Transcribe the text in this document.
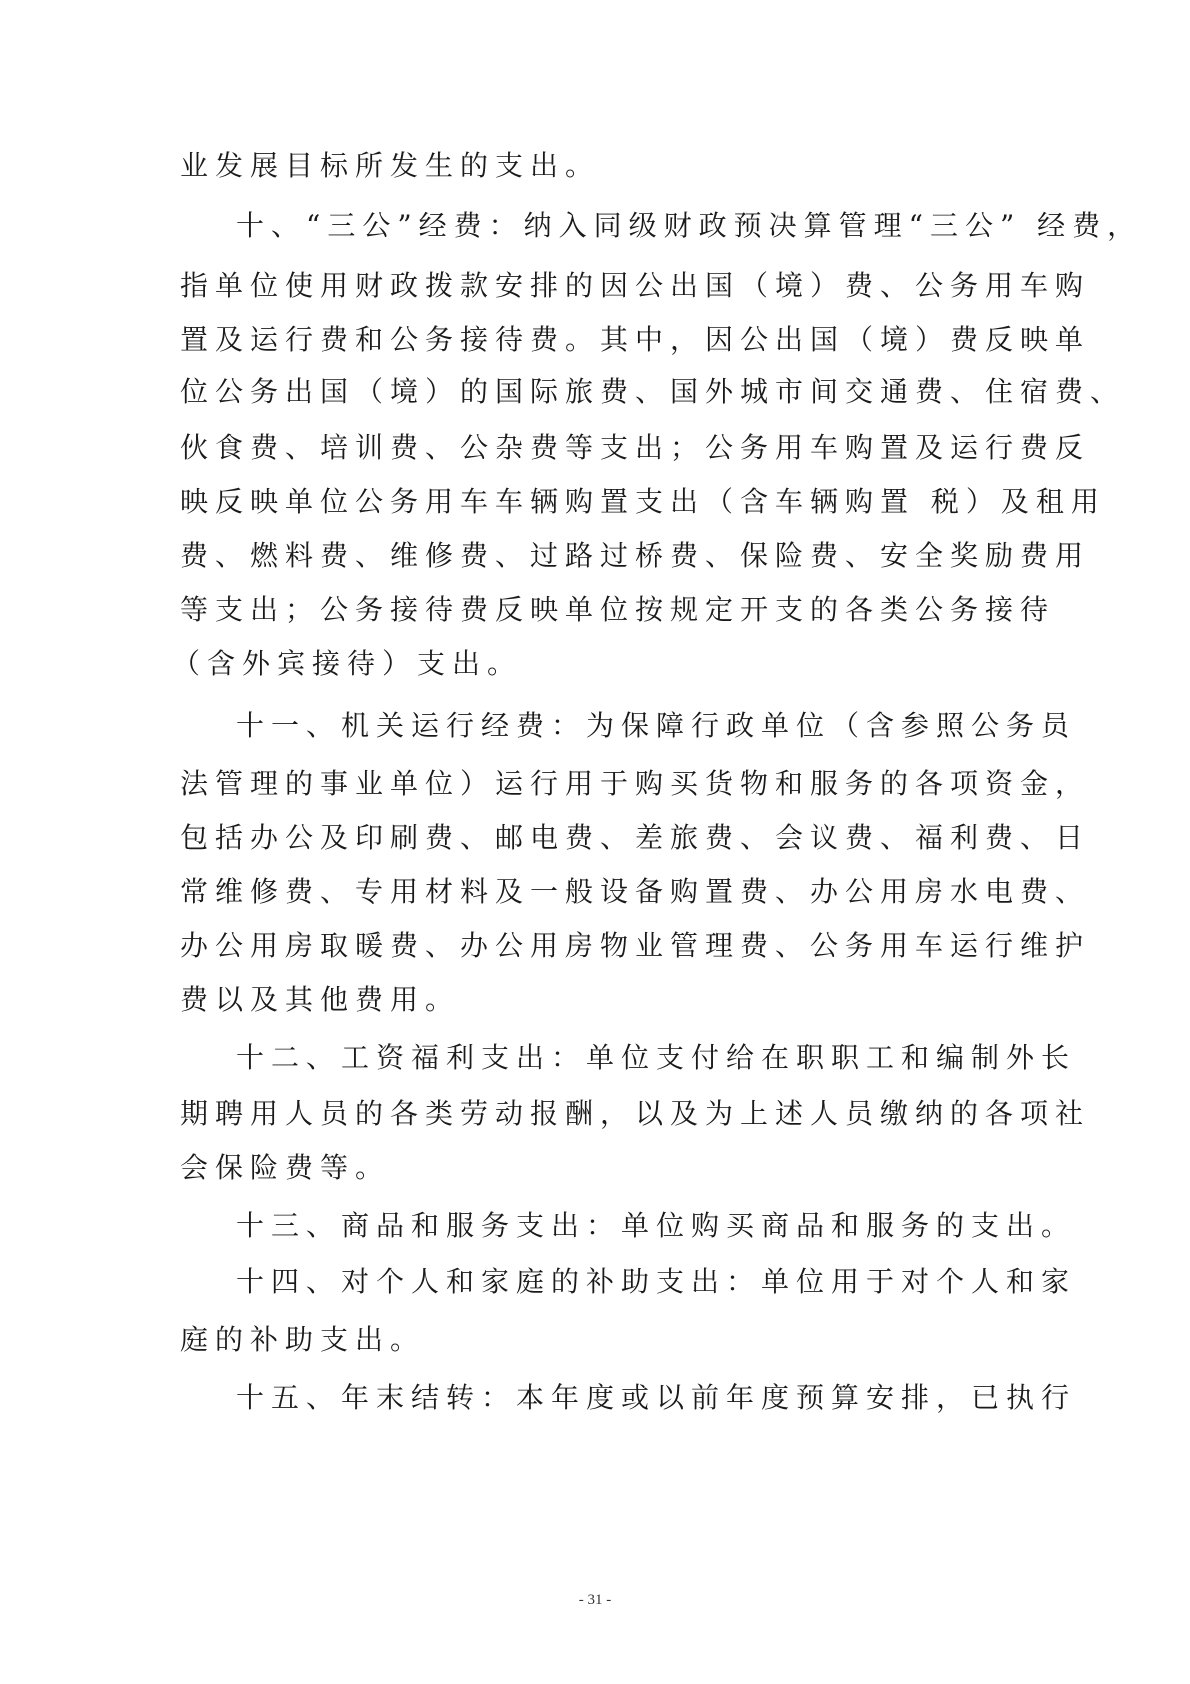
业发展目标所发生的支出。
十、“三公”经费：纳入同级财政预决算管理“三公” 经费，
指单位使用财政拨款安排的因公出国（境）费、公务用车购
置及运行费和公务接待费。其中，因公出国（境）费反映单
位公务出国（境）的国际旅费、国外城市间交通费、住宿费、
伙食费、培训费、公杂费等支出；公务用车购置及运行费反
映反映单位公务用车车辆购置支出（含车辆购置 税）及租用
费、燃料费、维修费、过路过桥费、保险费、安全奖励费用
等支出；公务接待费反映单位按规定开支的各类公务接待
（含外宾接待）支出。
十一、机关运行经费：为保障行政单位（含参照公务员
法管理的事业单位）运行用于购买货物和服务的各项资金，
包括办公及印刷费、邮电费、差旅费、会议费、福利费、日
常维修费、专用材料及一般设备购置费、办公用房水电费、
办公用房取暖费、办公用房物业管理费、公务用车运行维护
费以及其他费用。
十二、工资福利支出：单位支付给在职职工和编制外长
期聘用人员的各类劳动报酬，以及为上述人员缴纳的各项社
会保险费等。
十三、商品和服务支出：单位购买商品和服务的支出。
十四、对个人和家庭的补助支出：单位用于对个人和家
庭的补助支出。
十五、年末结转：本年度或以前年度预算安排，已执行
- 31 -
